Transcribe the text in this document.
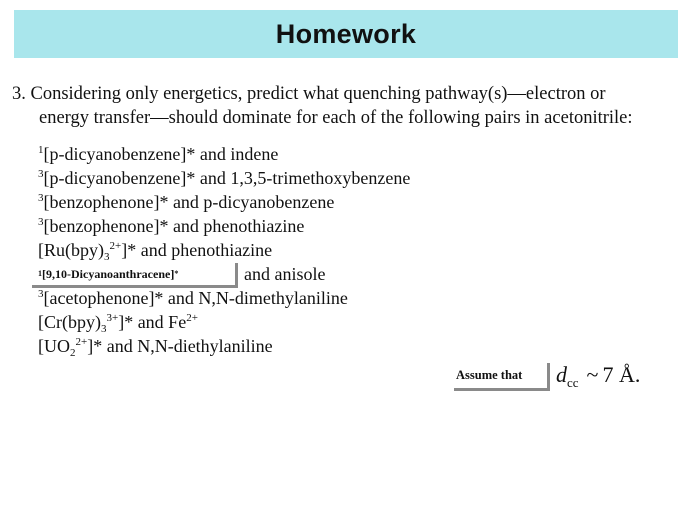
Homework
3. Considering only energetics, predict what quenching pathway(s)—electron or
energy transfer—should dominate for each of the following pairs in acetonitrile:
$^1$[p-dicyanobenzene]* and indene
$^3$[p-dicyanobenzene]* and 1,3,5-trimethoxybenzene
$^3$[benzophenone]* and p-dicyanobenzene
$^3$[benzophenone]* and phenothiazine
$[Ru(bpy)_3^{2+}]*$ and phenothiazine
and anisole
$^3$[acetophenone]* and N,N-dimethylaniline
$[Cr(bpy)_3^{3+}]*$ and $Fe^{2+}$
$[UO_2^{2+}]*$ and N,N-diethylaniline
1 [9,10-Dicyanoanthracene] *
Assume that $d_{cc}$ ~ 7 Å.
